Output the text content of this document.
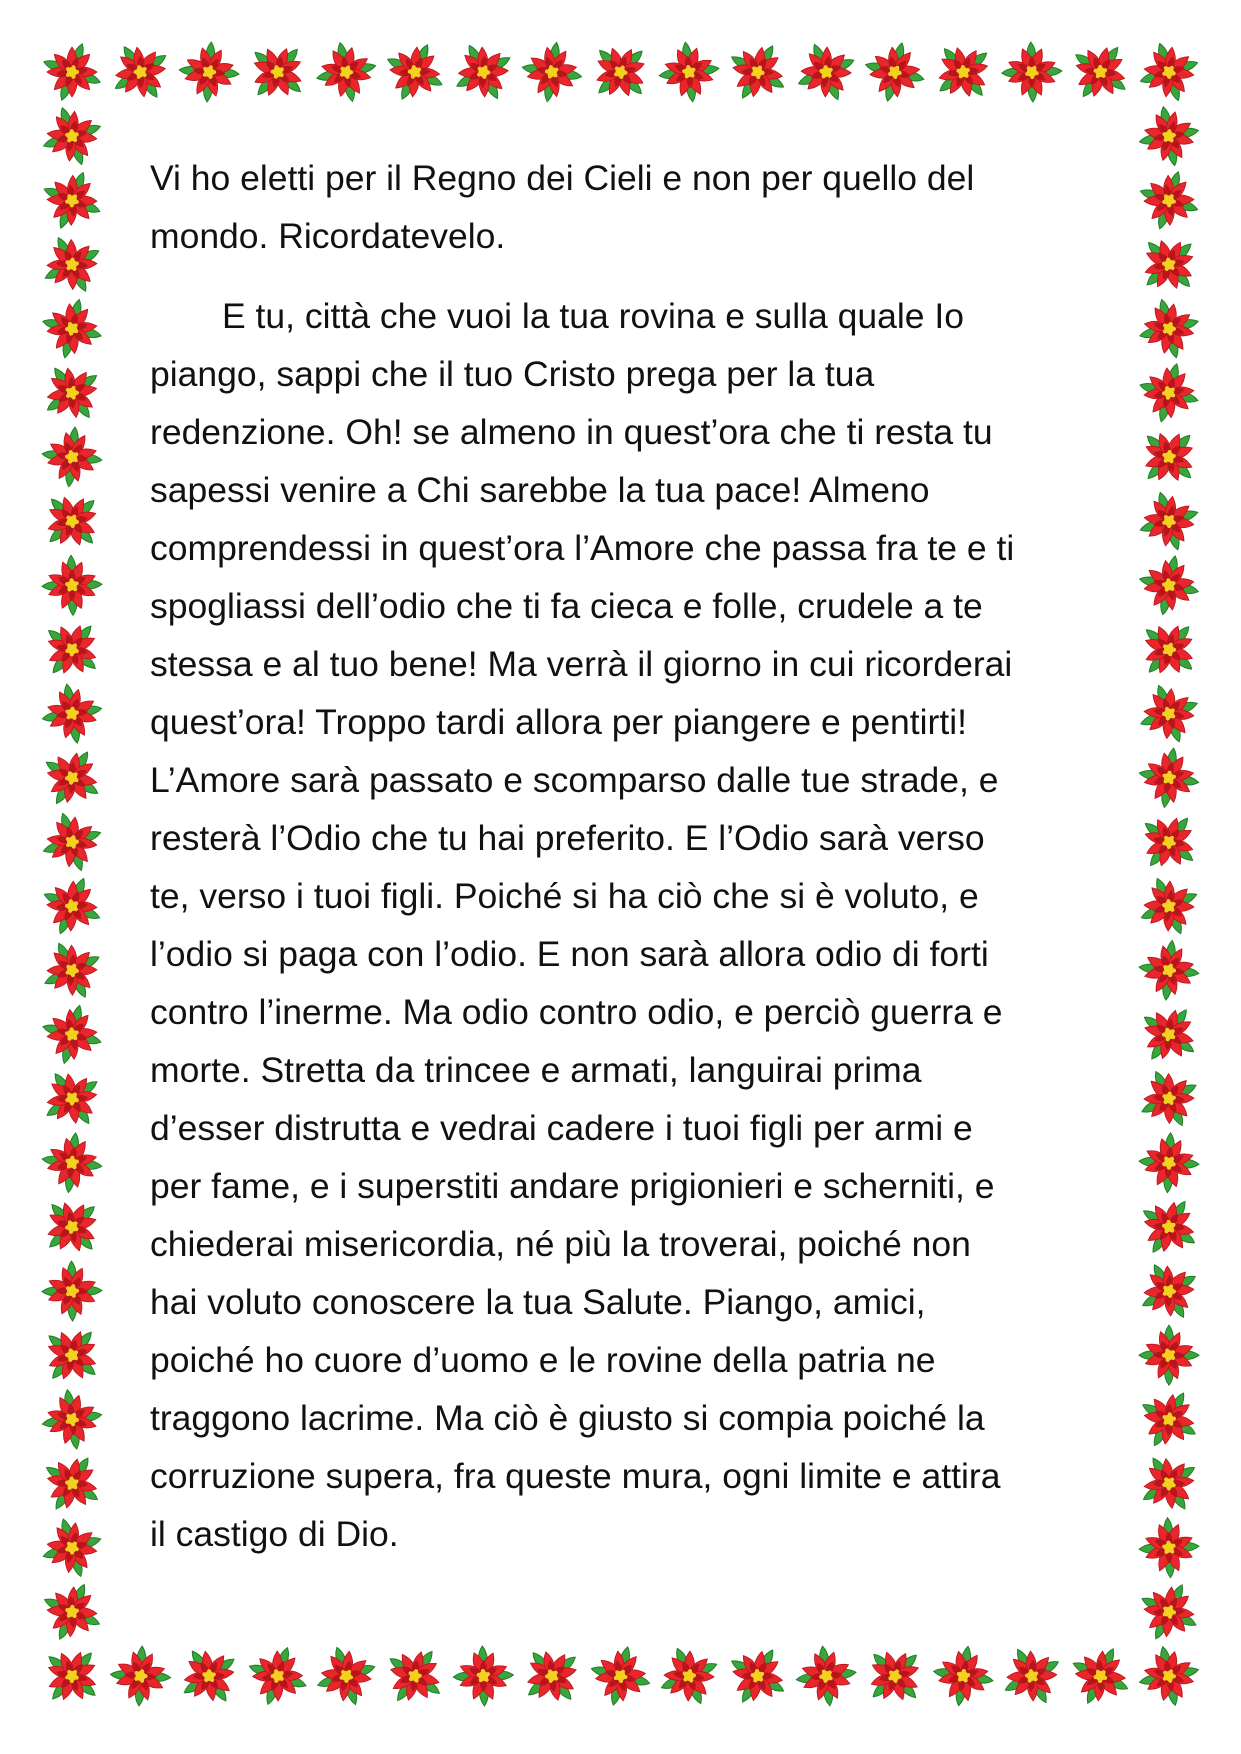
Vi ho eletti per il Regno dei Cieli e non per quello del
mondo. Ricordatevelo.

E tu, città che vuoi la tua rovina e sulla quale Io
piango, sappi che il tuo Cristo prega per la tua
redenzione. Oh! se almeno in quest’ora che ti resta tu
sapessi venire a Chi sarebbe la tua pace! Almeno
comprendessi in quest’ora l’Amore che passa fra te e ti
spogliassi dell’odio che ti fa cieca e folle, crudele a te
stessa e al tuo bene! Ma verrà il giorno in cui ricorderai
quest’ora! Troppo tardi allora per piangere e pentirti!
L’Amore sarà passato e scomparso dalle tue strade, e
resterà l’Odio che tu hai preferito. E l’Odio sarà verso
te, verso i tuoi figli. Poiché si ha ciò che si è voluto, e
l’odio si paga con l’odio. E non sarà allora odio di forti
contro l’inerme. Ma odio contro odio, e perciò guerra e
morte. Stretta da trincee e armati, languirai prima
d’esser distrutta e vedrai cadere i tuoi figli per armi e
per fame, e i superstiti andare prigionieri e scherniti, e
chiederai misericordia, né più la troverai, poiché non
hai voluto conoscere la tua Salute. Piango, amici,
poiché ho cuore d’uomo e le rovine della patria ne
traggono lacrime. Ma ciò è giusto si compia poiché la
corruzione supera, fra queste mura, ogni limite e attira
il castigo di Dio.
